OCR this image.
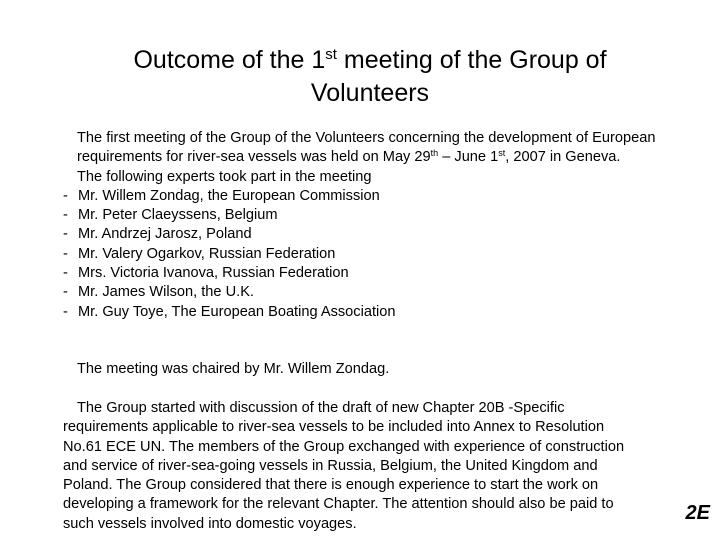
Outcome of the 1st meeting of the Group of
Volunteers
The first meeting of the Group of the Volunteers concerning the development of European requirements for river-sea vessels was held on May 29th – June 1st, 2007 in Geneva.
The following experts took part in the meeting
- Mr. Willem Zondag, the European Commission
- Mr. Peter Claeyssens, Belgium
- Mr. Andrzej Jarosz, Poland
- Mr. Valery Ogarkov, Russian Federation
- Mrs. Victoria Ivanova, Russian Federation
- Mr. James Wilson, the U.K.
- Mr. Guy Toye, The European Boating Association
The meeting was chaired by Mr. Willem Zondag.
The Group started with discussion of the draft of new Chapter 20B -Specific requirements applicable to river-sea vessels to be included into Annex to Resolution No.61 ECE UN. The members of the Group exchanged with experience of construction and service of river-sea-going vessels in Russia, Belgium, the United Kingdom and Poland. The Group considered that there is enough experience to start the work on developing a framework for the relevant Chapter. The attention should also be paid to such vessels involved into domestic voyages.	2E
